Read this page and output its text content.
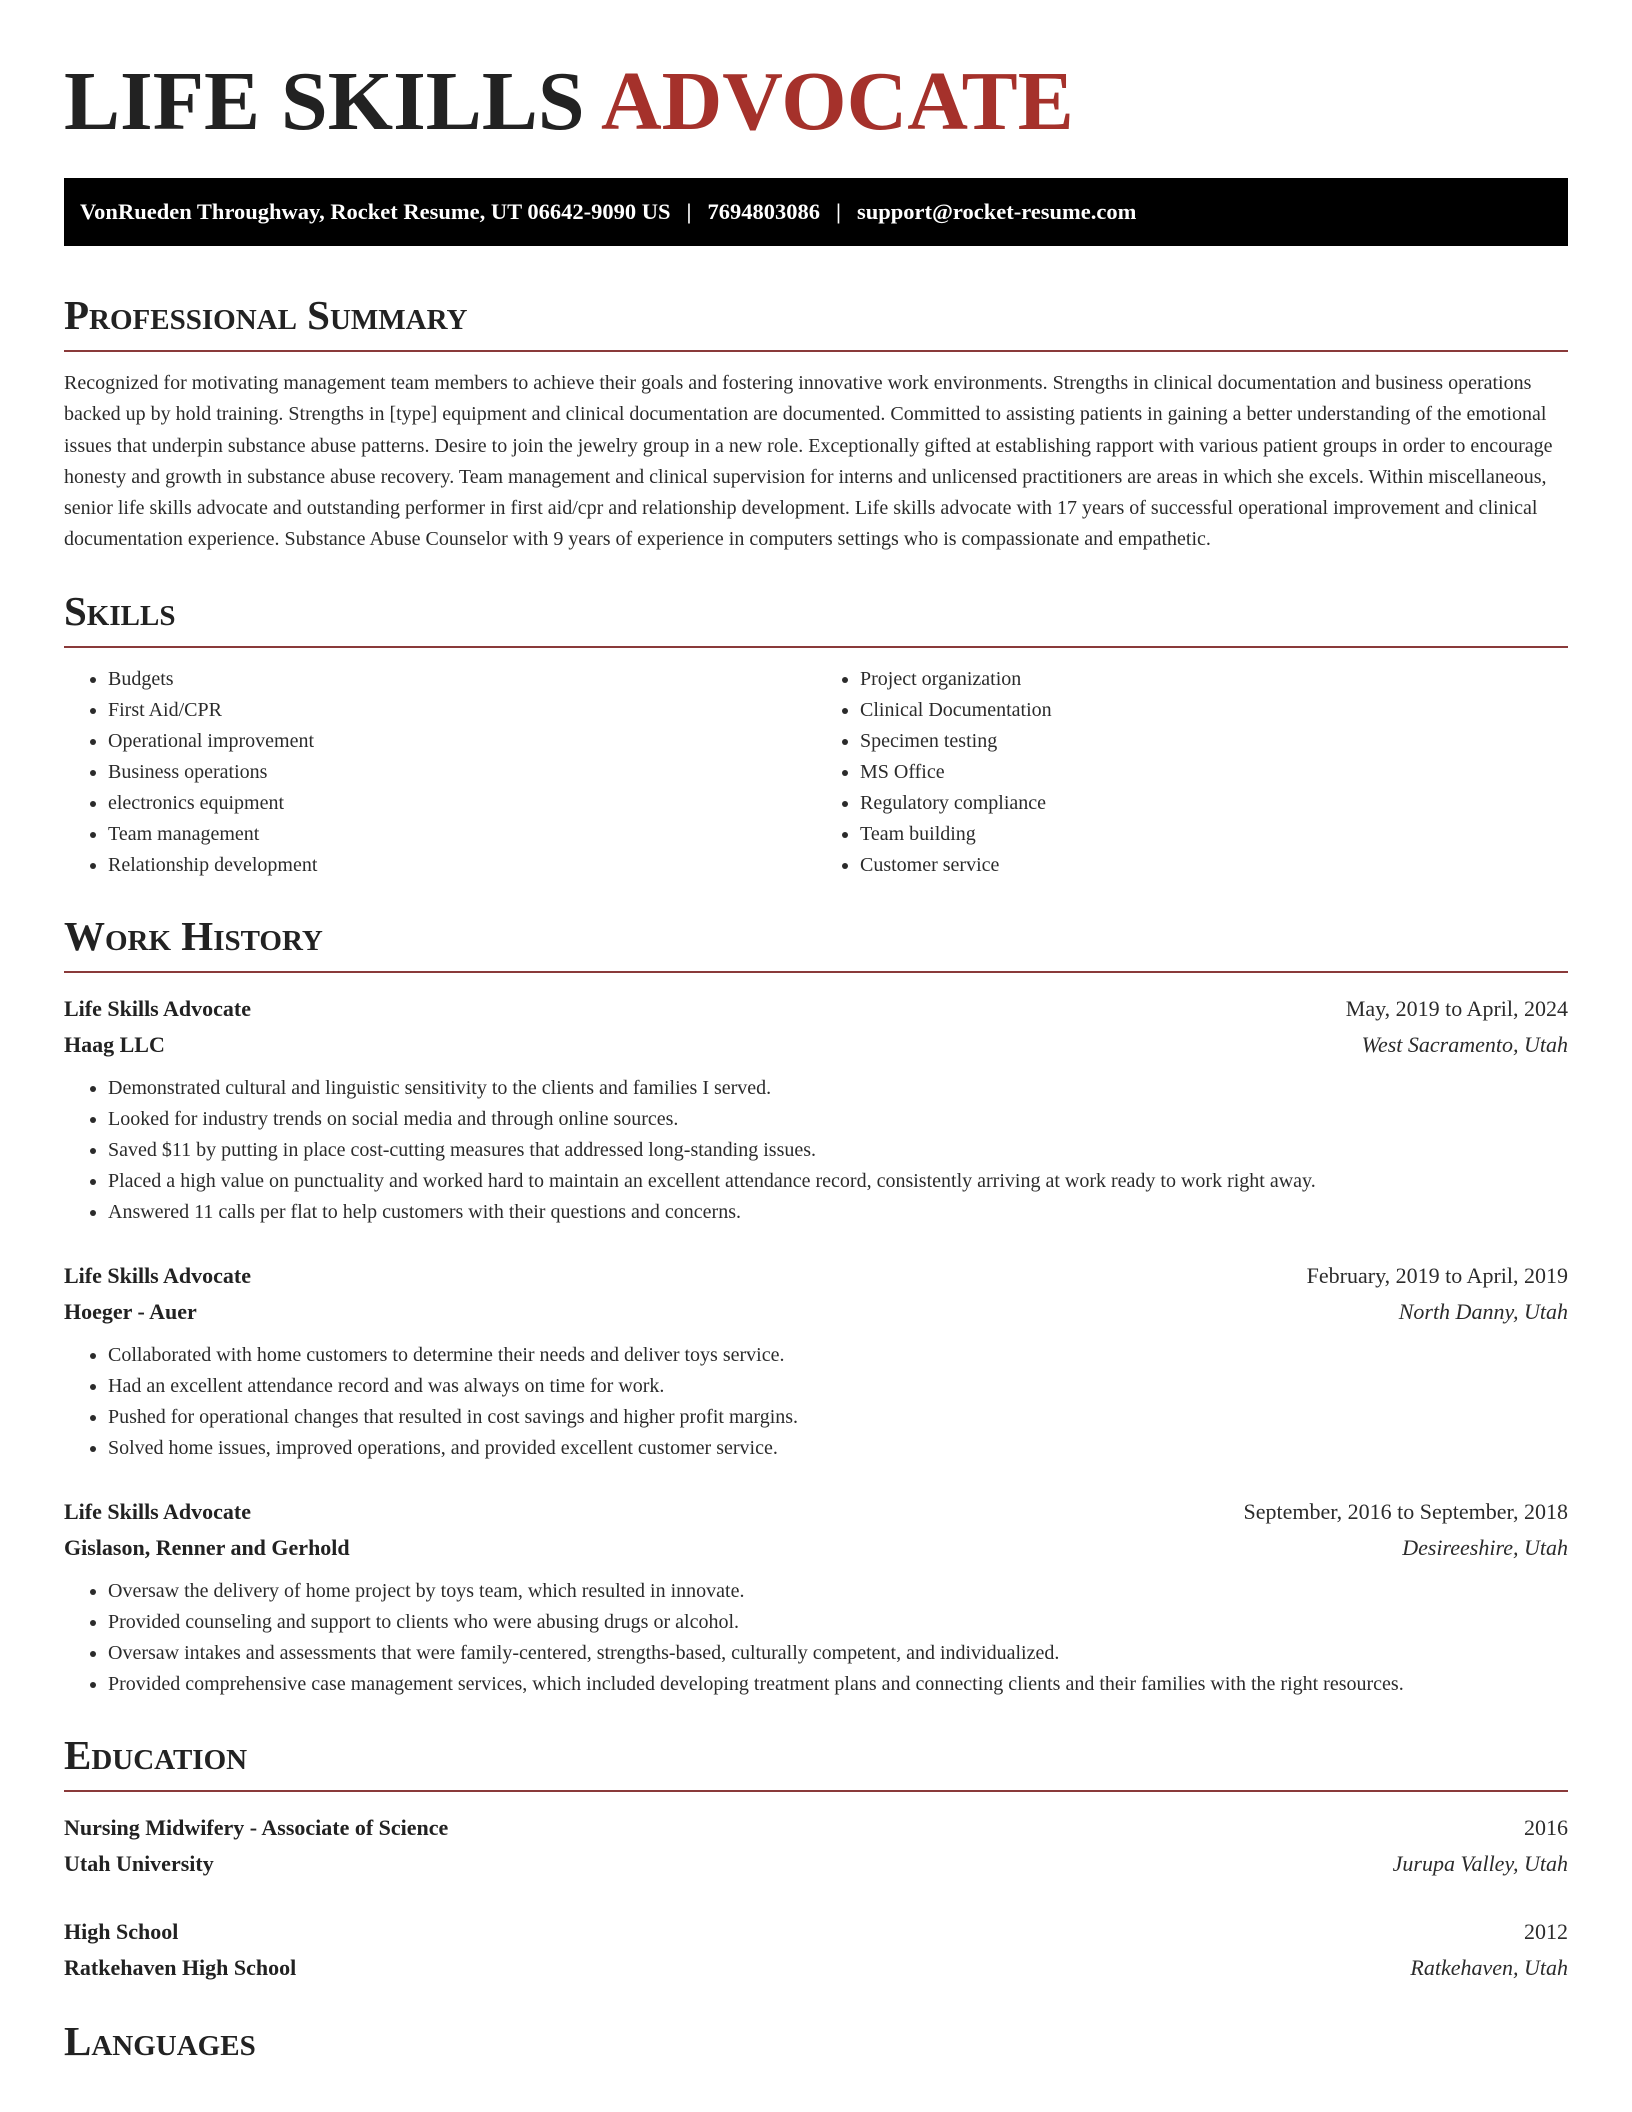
LIFE SKILLS ADVOCATE
VonRueden Throughway, Rocket Resume, UT 06642-9090 US | 7694803086 | support@rocket-resume.com
Professional Summary

Recognized for motivating management team members to achieve their goals and fostering innovative work environments. Strengths in clinical documentation and business operations backed up by hold training. Strengths in [type] equipment and clinical documentation are documented. Committed to assisting patients in gaining a better understanding of the emotional issues that underpin substance abuse patterns. Desire to join the jewelry group in a new role. Exceptionally gifted at establishing rapport with various patient groups in order to encourage honesty and growth in substance abuse recovery. Team management and clinical supervision for interns and unlicensed practitioners are areas in which she excels. Within miscellaneous, senior life skills advocate and outstanding performer in first aid/cpr and relationship development. Life skills advocate with 17 years of successful operational improvement and clinical documentation experience. Substance Abuse Counselor with 9 years of experience in computers settings who is compassionate and empathetic.

Skills
• Budgets
• First Aid/CPR
• Operational improvement
• Business operations
• electronics equipment
• Team management
• Relationship development
• Project organization
• Clinical Documentation
• Specimen testing
• MS Office
• Regulatory compliance
• Team building
• Customer service
Work History
Life Skills Advocate	May, 2019 to April, 2024
Haag LLC	West Sacramento, Utah
• Demonstrated cultural and linguistic sensitivity to the clients and families I served.
• Looked for industry trends on social media and through online sources.
• Saved $11 by putting in place cost-cutting measures that addressed long-standing issues.
• Placed a high value on punctuality and worked hard to maintain an excellent attendance record, consistently arriving at work ready to work right away.
• Answered 11 calls per flat to help customers with their questions and concerns.
Life Skills Advocate	February, 2019 to April, 2019
Hoeger - Auer	North Danny, Utah
• Collaborated with home customers to determine their needs and deliver toys service.
• Had an excellent attendance record and was always on time for work.
• Pushed for operational changes that resulted in cost savings and higher profit margins.
• Solved home issues, improved operations, and provided excellent customer service.
Life Skills Advocate	September, 2016 to September, 2018
Gislason, Renner and Gerhold	Desireeshire, Utah
• Oversaw the delivery of home project by toys team, which resulted in innovate.
• Provided counseling and support to clients who were abusing drugs or alcohol.
• Oversaw intakes and assessments that were family-centered, strengths-based, culturally competent, and individualized.
• Provided comprehensive case management services, which included developing treatment plans and connecting clients and their families with the right resources.
Education
Nursing Midwifery - Associate of Science	2016
Utah University	Jurupa Valley, Utah
High School	2012
Ratkehaven High School	Ratkehaven, Utah
Languages
